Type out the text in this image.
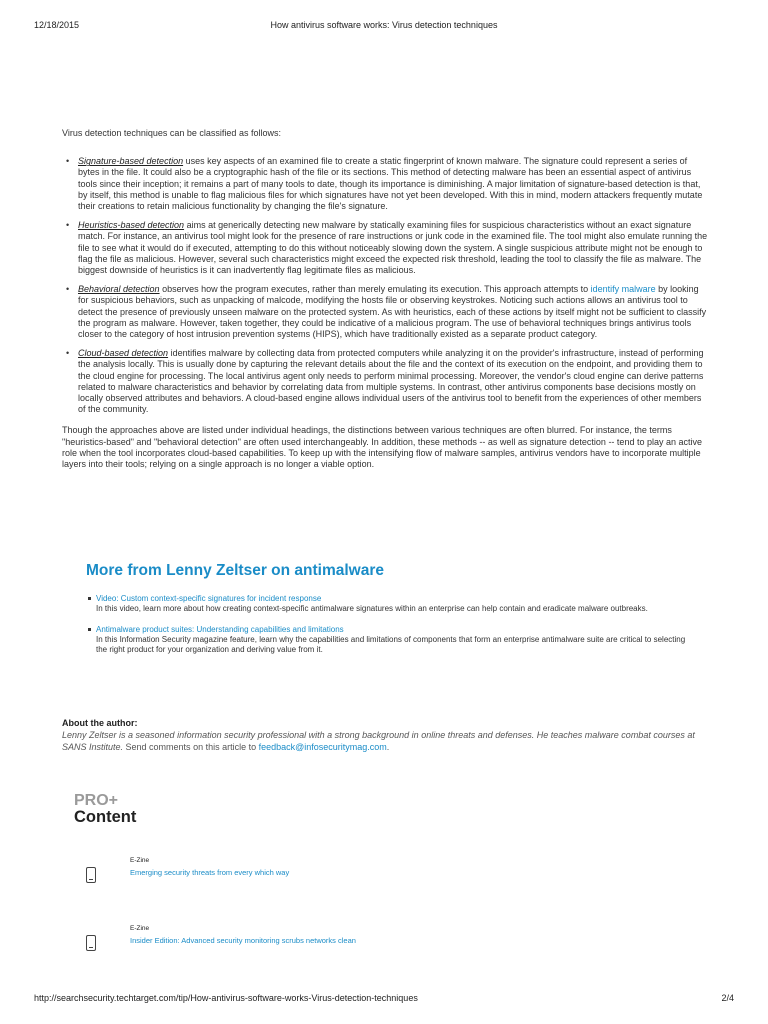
12/18/2015	How antivirus software works: Virus detection techniques

Virus detection techniques can be classified as follows:

• Signature-based detection uses key aspects of an examined file to create a static fingerprint of known malware. The signature could represent a series of bytes in the file. It could also be a cryptographic hash of the file or its sections. This method of detecting malware has been an essential aspect of antivirus tools since their inception; it remains a part of many tools to date, though its importance is diminishing. A major limitation of signature-based detection is that, by itself, this method is unable to flag malicious files for which signatures have not yet been developed. With this in mind, modern attackers frequently mutate their creations to retain malicious functionality by changing the file's signature.
• Heuristics-based detection aims at generically detecting new malware by statically examining files for suspicious characteristics without an exact signature match. For instance, an antivirus tool might look for the presence of rare instructions or junk code in the examined file. The tool might also emulate running the file to see what it would do if executed, attempting to do this without noticeably slowing down the system. A single suspicious attribute might not be enough to flag the file as malicious. However, several such characteristics might exceed the expected risk threshold, leading the tool to classify the file as malware. The biggest downside of heuristics is it can inadvertently flag legitimate files as malicious.
• Behavioral detection observes how the program executes, rather than merely emulating its execution. This approach attempts to identify malware by looking for suspicious behaviors, such as unpacking of malcode, modifying the hosts file or observing keystrokes. Noticing such actions allows an antivirus tool to detect the presence of previously unseen malware on the protected system. As with heuristics, each of these actions by itself might not be sufficient to classify the program as malware. However, taken together, they could be indicative of a malicious program. The use of behavioral techniques brings antivirus tools closer to the category of host intrusion prevention systems (HIPS), which have traditionally existed as a separate product category.
• Cloud-based detection identifies malware by collecting data from protected computers while analyzing it on the provider's infrastructure, instead of performing the analysis locally. This is usually done by capturing the relevant details about the file and the context of its execution on the endpoint, and providing them to the cloud engine for processing. The local antivirus agent only needs to perform minimal processing. Moreover, the vendor's cloud engine can derive patterns related to malware characteristics and behavior by correlating data from multiple systems. In contrast, other antivirus components base decisions mostly on locally observed attributes and behaviors. A cloud-based engine allows individual users of the antivirus tool to benefit from the experiences of other members of the community.

Though the approaches above are listed under individual headings, the distinctions between various techniques are often blurred. For instance, the terms "heuristics-based" and "behavioral detection" are often used interchangeably. In addition, these methods -- as well as signature detection -- tend to play an active role when the tool incorporates cloud-based capabilities. To keep up with the intensifying flow of malware samples, antivirus vendors have to incorporate multiple layers into their tools; relying on a single approach is no longer a viable option.

More from Lenny Zeltser on antimalware
Video: Custom context-specific signatures for incident response
In this video, learn more about how creating context-specific antimalware signatures within an enterprise can help contain and eradicate malware outbreaks.
Antimalware product suites: Understanding capabilities and limitations
In this Information Security magazine feature, learn why the capabilities and limitations of components that form an enterprise antimalware suite are critical to selecting the right product for your organization and deriving value from it.
About the author:
Lenny Zeltser is a seasoned information security professional with a strong background in online threats and defenses. He teaches malware combat courses at SANS Institute. Send comments on this article to feedback@infosecuritymag.com.
PRO+
Content
E-Zine
Emerging security threats from every which way
E-Zine
Insider Edition: Advanced security monitoring scrubs networks clean
http://searchsecurity.techtarget.com/tip/How-antivirus-software-works-Virus-detection-techniques	2/4
